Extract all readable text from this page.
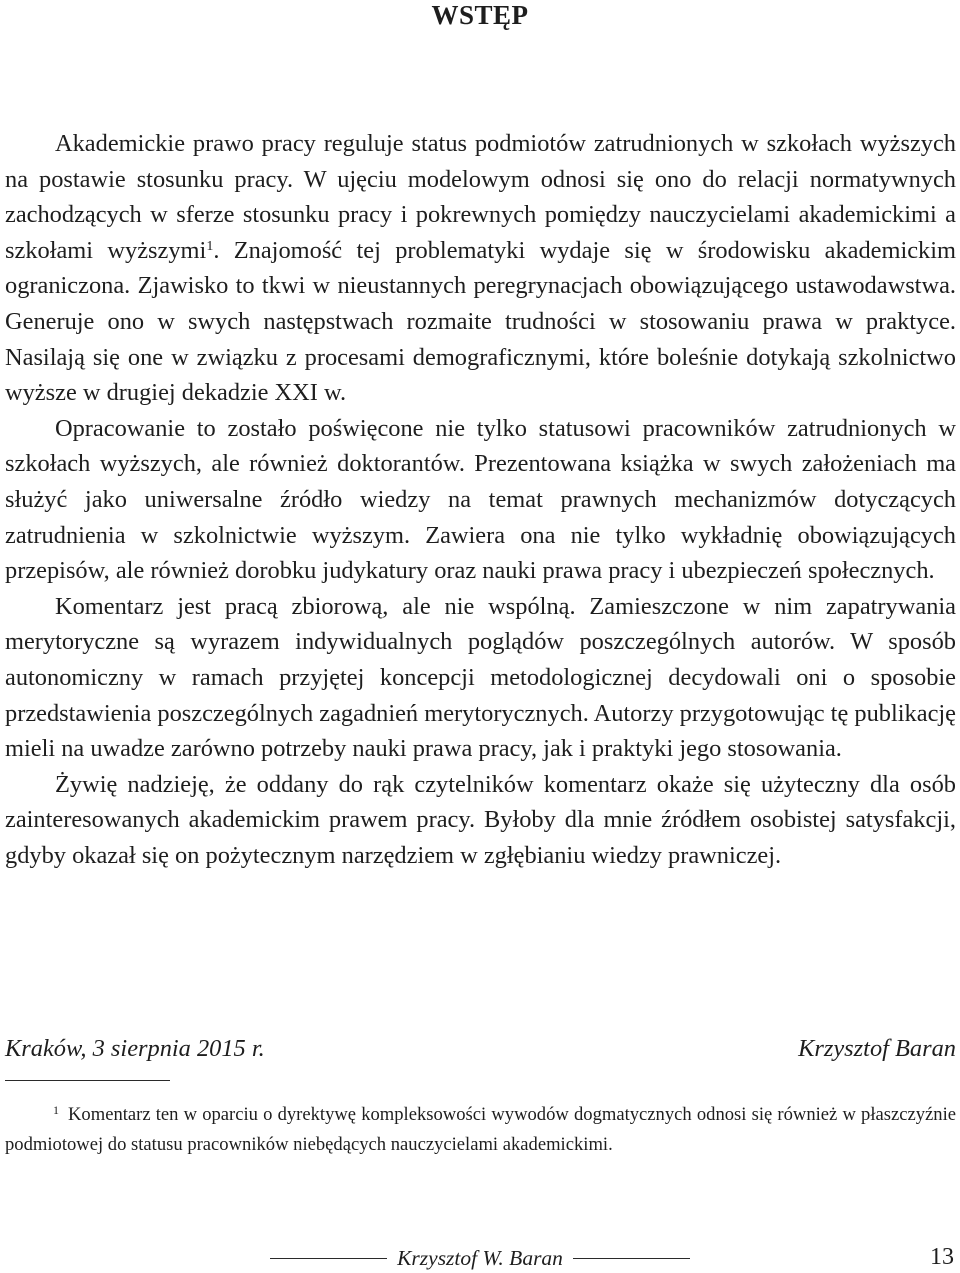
WSTĘP

Akademickie prawo pracy reguluje status podmiotów zatrudnionych w szkołach wyższych na postawie stosunku pracy. W ujęciu modelowym odnosi się ono do relacji normatywnych zachodzących w sferze stosunku pracy i pokrewnych pomiędzy nauczycielami akademickimi a szkołami wyższymi$^1$. Znajomość tej problematyki wydaje się w środowisku akademickim ograniczona. Zjawisko to tkwi w nieustannych peregrynacjach obowiązującego ustawodawstwa. Generuje ono w swych następstwach rozmaite trudności w stosowaniu prawa w praktyce. Nasilają się one w związku z procesami demograficznymi, które boleśnie dotykają szkolnictwo wyższe w drugiej dekadzie XXI w.

Opracowanie to zostało poświęcone nie tylko statusowi pracowników zatrudnionych w szkołach wyższych, ale również doktorantów. Prezentowana książka w swych założeniach ma służyć jako uniwersalne źródło wiedzy na temat prawnych mechanizmów dotyczących zatrudnienia w szkolnictwie wyższym. Zawiera ona nie tylko wykładnię obowiązujących przepisów, ale również dorobku judykatury oraz nauki prawa pracy i ubezpieczeń społecznych.

Komentarz jest pracą zbiorową, ale nie wspólną. Zamieszczone w nim zapatrywania merytoryczne są wyrazem indywidualnych poglądów poszczególnych autorów. W sposób autonomiczny w ramach przyjętej koncepcji metodologicznej decydowali oni o sposobie przedstawienia poszczególnych zagadnień merytorycznych. Autorzy przygotowując tę publikację mieli na uwadze zarówno potrzeby nauki prawa pracy, jak i praktyki jego stosowania.

Żywię nadzieję, że oddany do rąk czytelników komentarz okaże się użyteczny dla osób zainteresowanych akademickim prawem pracy. Byłoby dla mnie źródłem osobistej satysfakcji, gdyby okazał się on pożytecznym narzędziem w zgłębianiu wiedzy prawniczej.

Kraków, 3 sierpnia 2015 r.	Krzysztof Baran
$^1$ Komentarz ten w oparciu o dyrektywę kompleksowości wywodów dogmatycznych odnosi się również w płaszczyźnie podmiotowej do statusu pracowników niebędących nauczycielami akademickimi.
Krzysztof W. Baran	13
